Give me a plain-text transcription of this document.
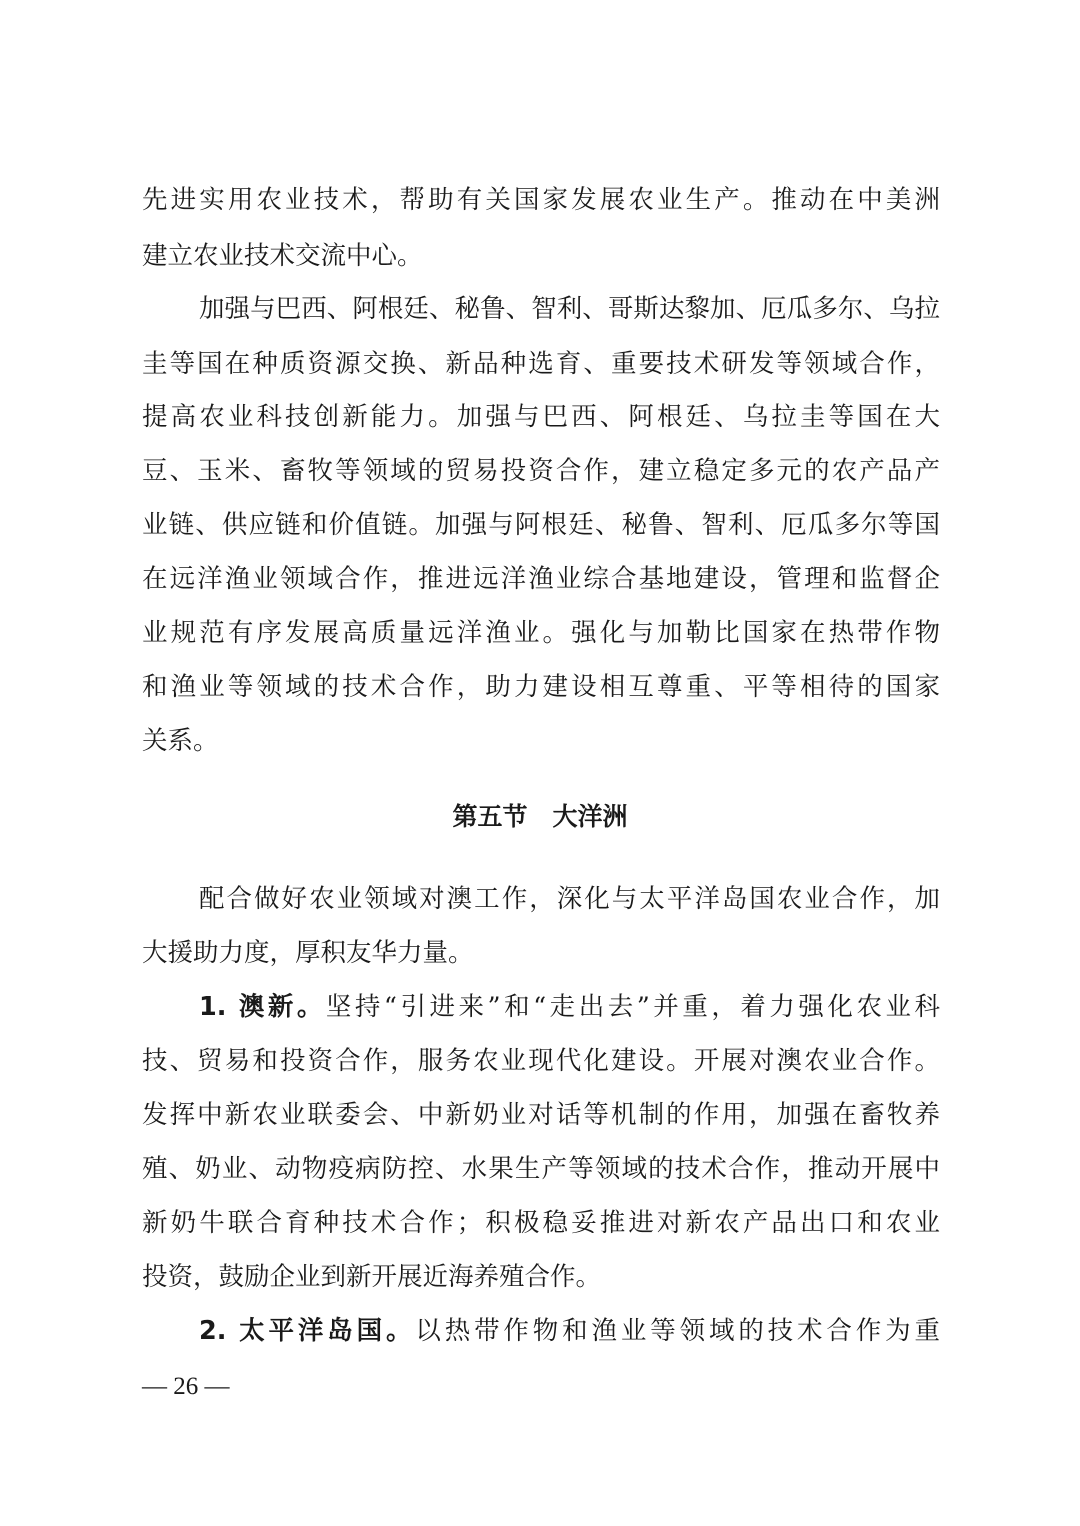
先进实用农业技术，帮助有关国家发展农业生产。推动在中美洲
建立农业技术交流中心。
加强与巴西、阿根廷、秘鲁、智利、哥斯达黎加、厄瓜多尔、乌拉
圭等国在种质资源交换、新品种选育、重要技术研发等领域合作，
提高农业科技创新能力。加强与巴西、阿根廷、乌拉圭等国在大
豆、玉米、畜牧等领域的贸易投资合作，建立稳定多元的农产品产
业链、供应链和价值链。加强与阿根廷、秘鲁、智利、厄瓜多尔等国
在远洋渔业领域合作，推进远洋渔业综合基地建设，管理和监督企
业规范有序发展高质量远洋渔业。强化与加勒比国家在热带作物
和渔业等领域的技术合作，助力建设相互尊重、平等相待的国家
关系。
第五节　大洋洲
配合做好农业领域对澳工作，深化与太平洋岛国农业合作，加
大援助力度，厚积友华力量。
1. 澳新。坚持“引进来”和“走出去”并重，着力强化农业科
技、贸易和投资合作，服务农业现代化建设。开展对澳农业合作。
发挥中新农业联委会、中新奶业对话等机制的作用，加强在畜牧养
殖、奶业、动物疫病防控、水果生产等领域的技术合作，推动开展中
新奶牛联合育种技术合作；积极稳妥推进对新农产品出口和农业
投资，鼓励企业到新开展近海养殖合作。
2. 太平洋岛国。以热带作物和渔业等领域的技术合作为重
— 26 —
